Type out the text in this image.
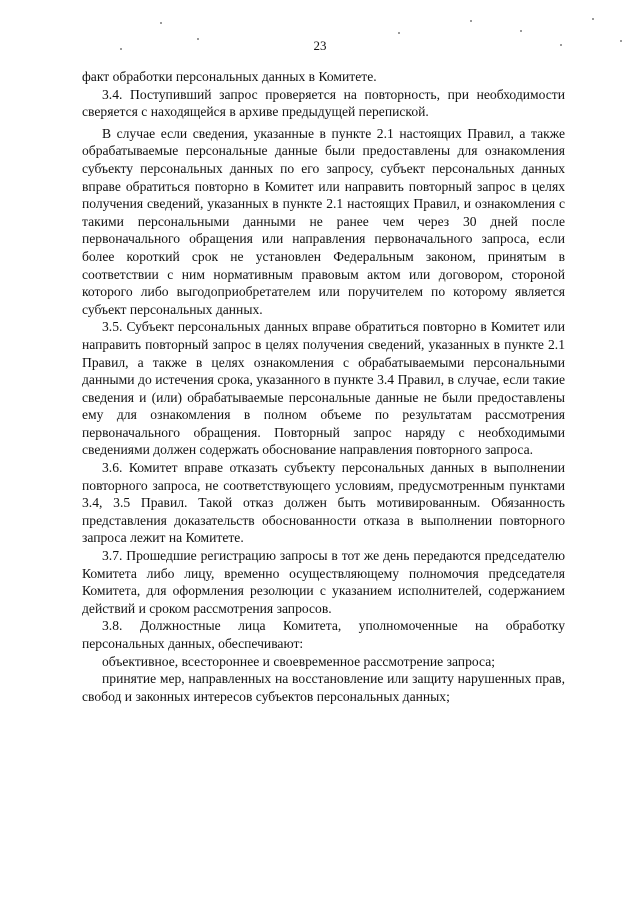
23

факт обработки персональных данных в Комитете.

3.4. Поступивший запрос проверяется на повторность, при необходимости сверяется с находящейся в архиве предыдущей перепиской.

В случае если сведения, указанные в пункте 2.1 настоящих Правил, а также обрабатываемые персональные данные были предоставлены для ознакомления субъекту персональных данных по его запросу, субъект персональных данных вправе обратиться повторно в Комитет или направить повторный запрос в целях получения сведений, указанных в пункте 2.1 настоящих Правил, и ознакомления с такими персональными данными не ранее чем через 30 дней после первоначального обращения или направления первоначального запроса, если более короткий срок не установлен Федеральным законом, принятым в соответствии с ним нормативным правовым актом или договором, стороной которого либо выгодоприобретателем или поручителем по которому является субъект персональных данных.

3.5. Субъект персональных данных вправе обратиться повторно в Комитет или направить повторный запрос в целях получения сведений, указанных в пункте 2.1 Правил, а также в целях ознакомления с обрабатываемыми персональными данными до истечения срока, указанного в пункте 3.4 Правил, в случае, если такие сведения и (или) обрабатываемые персональные данные не были предоставлены ему для ознакомления в полном объеме по результатам рассмотрения первоначального обращения. Повторный запрос наряду с необходимыми сведениями должен содержать обоснование направления повторного запроса.

3.6. Комитет вправе отказать субъекту персональных данных в выполнении повторного запроса, не соответствующего условиям, предусмотренным пунктами 3.4, 3.5 Правил. Такой отказ должен быть мотивированным. Обязанность представления доказательств обоснованности отказа в выполнении повторного запроса лежит на Комитете.

3.7. Прошедшие регистрацию запросы в тот же день передаются председателю Комитета либо лицу, временно осуществляющему полномочия председателя Комитета, для оформления резолюции с указанием исполнителей, содержанием действий и сроком рассмотрения запросов.

3.8. Должностные лица Комитета, уполномоченные на обработку персональных данных, обеспечивают:

объективное, всестороннее и своевременное рассмотрение запроса;

принятие мер, направленных на восстановление или защиту нарушенных прав, свобод и законных интересов субъектов персональных данных;
